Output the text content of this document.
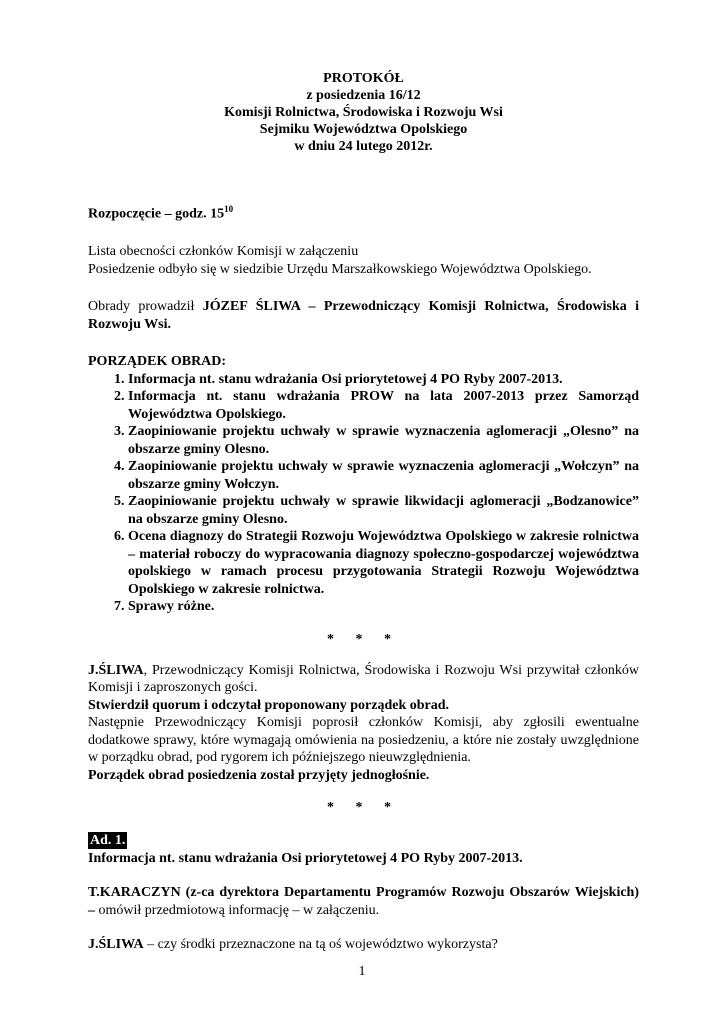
PROTOKÓŁ
z posiedzenia 16/12
Komisji Rolnictwa, Środowiska i Rozwoju Wsi
Sejmiku Województwa Opolskiego
w dniu 24 lutego 2012r.

Rozpoczęcie – godz. $15^{10}$

Lista obecności członków Komisji w załączeniu

Posiedzenie odbyło się w siedzibie Urzędu Marszałkowskiego Województwa Opolskiego.

Obrady prowadził JÓZEF ŚLIWA – Przewodniczący Komisji Rolnictwa, Środowiska i Rozwoju Wsi.

PORZĄDEK OBRAD:

1. Informacja nt. stanu wdrażania Osi priorytetowej 4 PO Ryby 2007-2013.
2. Informacja nt. stanu wdrażania PROW na lata 2007-2013 przez Samorząd Województwa Opolskiego.
3. Zaopiniowanie projektu uchwały w sprawie wyznaczenia aglomeracji „Olesno” na obszarze gminy Olesno.
4. Zaopiniowanie projektu uchwały w sprawie wyznaczenia aglomeracji „Wołczyn” na obszarze gminy Wołczyn.
5. Zaopiniowanie projektu uchwały w sprawie likwidacji aglomeracji „Bodzanowice” na obszarze gminy Olesno.
6. Ocena diagnozy do Strategii Rozwoju Województwa Opolskiego w zakresie rolnictwa – materiał roboczy do wypracowania diagnozy społeczno-gospodarczej województwa opolskiego w ramach procesu przygotowania Strategii Rozwoju Województwa Opolskiego w zakresie rolnictwa.
7. Sprawy różne.
* * *

J.ŚLIWA, Przewodniczący Komisji Rolnictwa, Środowiska i Rozwoju Wsi przywitał członków Komisji i zaproszonych gości.

Stwierdził quorum i odczytał proponowany porządek obrad.

Następnie Przewodniczący Komisji poprosił członków Komisji, aby zgłosili ewentualne dodatkowe sprawy, które wymagają omówienia na posiedzeniu, a które nie zostały uwzględnione w porządku obrad, pod rygorem ich późniejszego nieuwzględnienia.

Porządek obrad posiedzenia został przyjęty jednogłośnie.

* * *

Ad. 1.

Informacja nt. stanu wdrażania Osi priorytetowej 4 PO Ryby 2007-2013.

T.KARACZYN (z-ca dyrektora Departamentu Programów Rozwoju Obszarów Wiejskich) – omówił przedmiotową informację – w załączeniu.

J.ŚLIWA – czy środki przeznaczone na tą oś województwo wykorzysta?

1
